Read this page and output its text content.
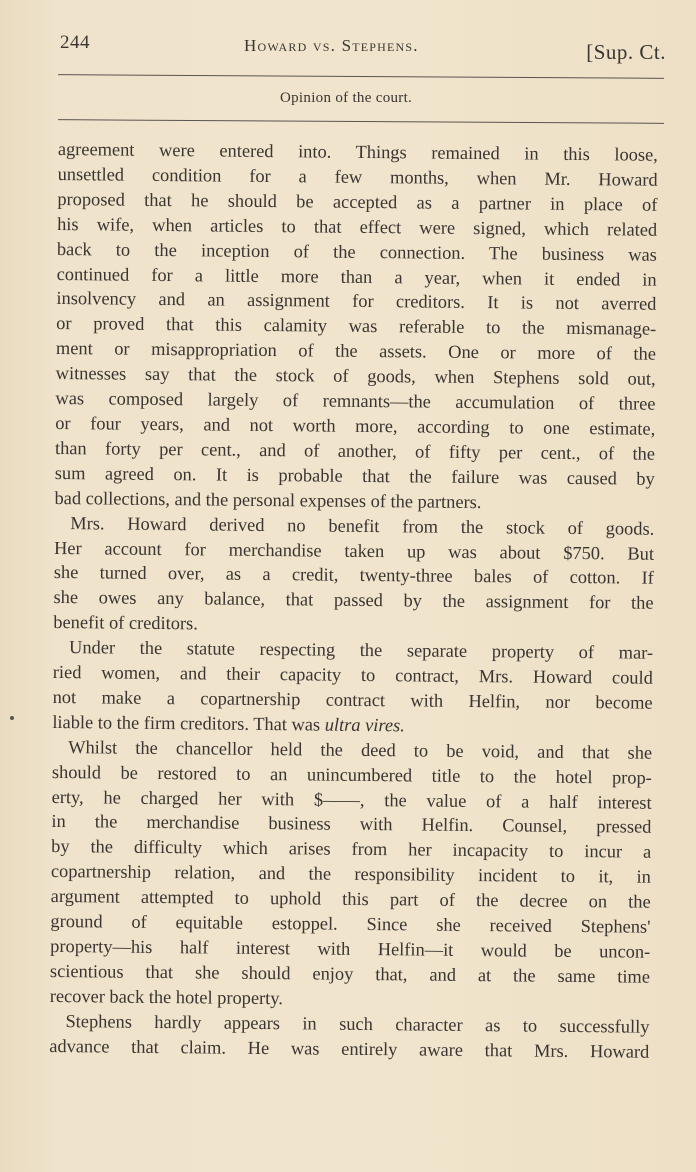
244	Howard vs. Stephens.	[Sup. Ct.
Opinion of the court.

agreement were entered into. Things remained in this loose,
unsettled condition for a few months, when Mr. Howard
proposed that he should be accepted as a partner in place of
his wife, when articles to that effect were signed, which related
back to the inception of the connection. The business was
continued for a little more than a year, when it ended in
insolvency and an assignment for creditors. It is not averred
or proved that this calamity was referable to the mismanage-
ment or misappropriation of the assets. One or more of the
witnesses say that the stock of goods, when Stephens sold out,
was composed largely of remnants—the accumulation of three
or four years, and not worth more, according to one estimate,
than forty per cent., and of another, of fifty per cent., of the
sum agreed on. It is probable that the failure was caused by
bad collections, and the personal expenses of the partners.

Mrs. Howard derived no benefit from the stock of goods.
Her account for merchandise taken up was about $750. But
she turned over, as a credit, twenty-three bales of cotton. If
she owes any balance, that passed by the assignment for the
benefit of creditors.

Under the statute respecting the separate property of mar-
ried women, and their capacity to contract, Mrs. Howard could
not make a copartnership contract with Helfin, nor become
liable to the firm creditors. That was ultra vires.

Whilst the chancellor held the deed to be void, and that she
should be restored to an unincumbered title to the hotel prop-
erty, he charged her with $——, the value of a half interest
in the merchandise business with Helfin. Counsel, pressed
by the difficulty which arises from her incapacity to incur a
copartnership relation, and the responsibility incident to it, in
argument attempted to uphold this part of the decree on the
ground of equitable estoppel. Since she received Stephens'
property—his half interest with Helfin—it would be uncon-
scientious that she should enjoy that, and at the same time
recover back the hotel property.

Stephens hardly appears in such character as to successfully
advance that claim. He was entirely aware that Mrs. Howard
